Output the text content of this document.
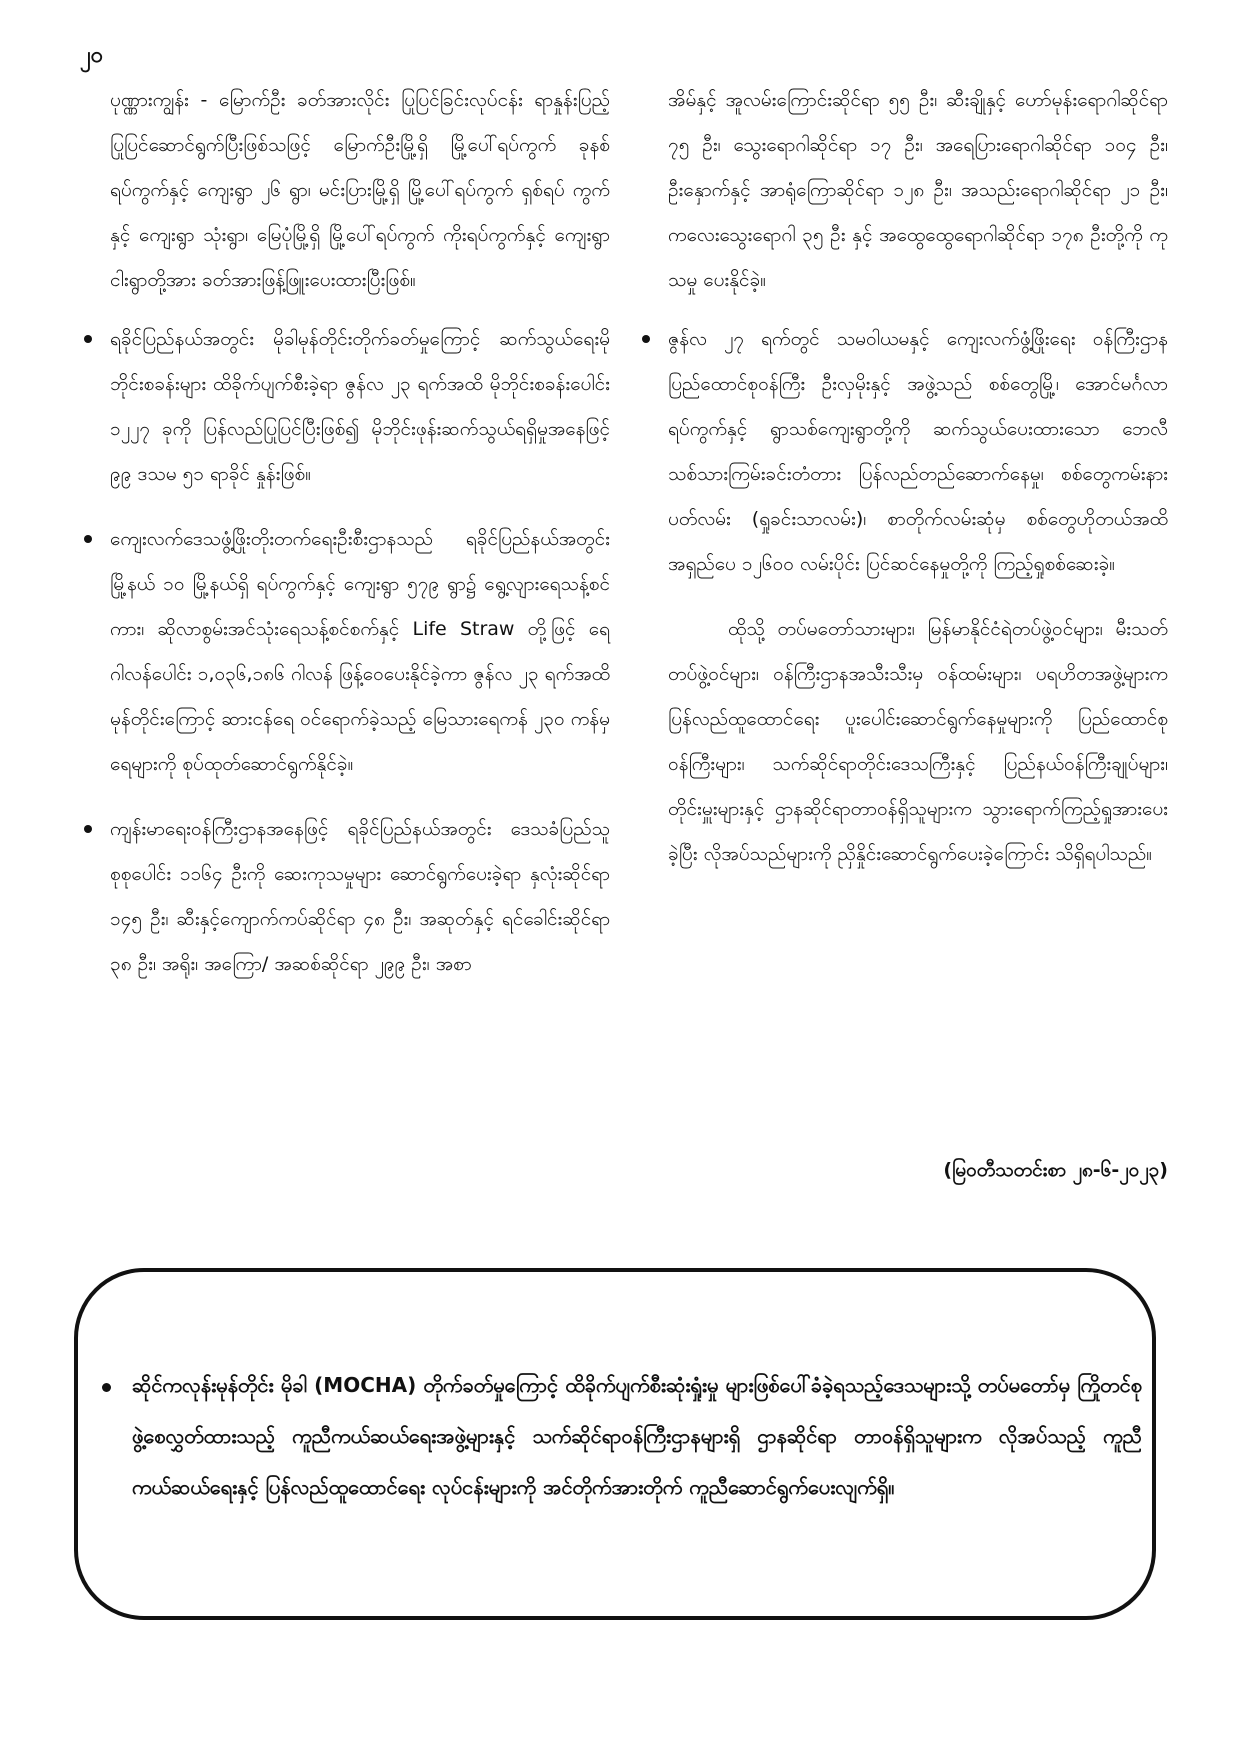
၂၀

ပုဏ္ဏားကျွန်း - မြောက်ဦး ခတ်အားလိုင်း ပြုပြင်ခြင်းလုပ်ငန်း ရာနှုန်းပြည့်ပြုပြင်ဆောင်ရွက်ပြီးဖြစ်သဖြင့် မြောက်ဦးမြို့ရှိ မြို့ပေါ်ရပ်ကွက် ခုနစ်ရပ်ကွက်နှင့် ကျေးရွာ ၂၆ ရွာ၊ မင်းပြားမြို့ရှိ မြို့ပေါ်ရပ်ကွက် ရှစ်ရပ် ကွက်နှင့် ကျေးရွာ သုံးရွာ၊ မြေပုံမြို့ရှိ မြို့ပေါ်ရပ်ကွက် ကိုးရပ်ကွက်နှင့် ကျေးရွာ ငါးရွာတို့အား ခတ်အားဖြန့်ဖြူးပေးထားပြီးဖြစ်။

ရခိုင်ပြည်နယ်အတွင်း မိုခါမုန်တိုင်းတိုက်ခတ်မှုကြောင့် ဆက်သွယ်ရေးမိုဘိုင်းစခန်းများ ထိခိုက်ပျက်စီးခဲ့ရာ ဇွန်လ ၂၃ ရက်အထိ မိုဘိုင်းစခန်းပေါင်း ၁၂၂၇ ခုကို ပြန်လည်ပြုပြင်ပြီးဖြစ်၍ မိုဘိုင်းဖုန်းဆက်သွယ်ရရှိမှုအနေဖြင့် ၉၉ ဒသမ ၅၁ ရာခိုင် နှုန်းဖြစ်။

ကျေးလက်ဒေသဖွံ့ဖြိုးတိုးတက်ရေးဦးစီးဌာနသည် ရခိုင်ပြည်နယ်အတွင်း မြို့နယ် ၁၀ မြို့နယ်ရှိ ရပ်ကွက်နှင့် ကျေးရွာ ၅၇၉ ရွာ၌ ရွေ့လျားရေသန့်စင်ကား၊ ဆိုလာစွမ်းအင်သုံးရေသန့်စင်စက်နှင့် Life Straw တို့ဖြင့် ရေဂါလန်ပေါင်း ၁,၀၃၆,၁၈၆ ဂါလန် ဖြန့်ဝေပေးနိုင်ခဲ့ကာ ဇွန်လ ၂၃ ရက်အထိ မုန်တိုင်းကြောင့် ဆားငန်ရေ ဝင်ရောက်ခဲ့သည့် မြေသားရေကန် ၂၃၀ ကန်မှရေများကို စုပ်ထုတ်ဆောင်ရွက်နိုင်ခဲ့။

ကျန်းမာရေးဝန်ကြီးဌာနအနေဖြင့် ရခိုင်ပြည်နယ်အတွင်း ဒေသခံပြည်သူစုစုပေါင်း ၁၁၆၄ ဦးကို ဆေးကုသမှုများ ဆောင်ရွက်ပေးခဲ့ရာ နှလုံးဆိုင်ရာ ၁၄၅ ဦး၊ ဆီးနှင့်ကျောက်ကပ်ဆိုင်ရာ ၄၈ ဦး၊ အဆုတ်နှင့် ရင်ခေါင်းဆိုင်ရာ ၃၈ ဦး၊ အရိုး၊ အကြော/ အဆစ်ဆိုင်ရာ ၂၉၉ ဦး၊ အစာ

အိမ်နှင့် အူလမ်းကြောင်းဆိုင်ရာ ၅၅ ဦး၊ ဆီးချိုနှင့် ဟော်မုန်းရောဂါဆိုင်ရာ ၇၅ ဦး၊ သွေးရောဂါဆိုင်ရာ ၁၇ ဦး၊ အရေပြားရောဂါဆိုင်ရာ ၁၀၄ ဦး၊ ဦးနှောက်နှင့် အာရုံကြောဆိုင်ရာ ၁၂၈ ဦး၊ အသည်းရောဂါဆိုင်ရာ ၂၁ ဦး၊ ကလေးသွေးရောဂါ ၃၅ ဦး နှင့် အထွေထွေရောဂါဆိုင်ရာ ၁၇၈ ဦးတို့ကို ကုသမှု ပေးနိုင်ခဲ့။

ဇွန်လ ၂၇ ရက်တွင် သမဝါယမနှင့် ကျေးလက်ဖွံ့ဖြိုးရေး ဝန်ကြီးဌာန ပြည်ထောင်စုဝန်ကြီး ဦးလှမိုးနှင့် အဖွဲ့သည် စစ်တွေမြို့၊ အောင်မင်္ဂလာရပ်ကွက်နှင့် ရွာသစ်ကျေးရွာတို့ကို ဆက်သွယ်ပေးထားသော ဘေလီသစ်သားကြမ်းခင်းတံတား ပြန်လည်တည်ဆောက်နေမှု၊ စစ်တွေကမ်းနားပတ်လမ်း (ရှုခင်းသာလမ်း)၊ စာတိုက်လမ်းဆုံမှ စစ်တွေဟိုတယ်အထိ အရှည်ပေ ၁၂၆၀၀ လမ်းပိုင်း ပြင်ဆင်နေမှုတို့ကို ကြည့်ရှုစစ်ဆေးခဲ့။

ထိုသို့ တပ်မတော်သားများ၊ မြန်မာနိုင်ငံရဲတပ်ဖွဲ့ဝင်များ၊ မီးသတ်တပ်ဖွဲ့ဝင်များ၊ ဝန်ကြီးဌာနအသီးသီးမှ ဝန်ထမ်းများ၊ ပရဟိတအဖွဲ့များက ပြန်လည်ထူထောင်ရေး ပူးပေါင်းဆောင်ရွက်နေမှုများကို ပြည်ထောင်စုဝန်ကြီးများ၊ သက်ဆိုင်ရာတိုင်းဒေသကြီးနှင့် ပြည်နယ်ဝန်ကြီးချုပ်များ၊ တိုင်းမှူးများနှင့် ဌာနဆိုင်ရာတာဝန်ရှိသူများက သွားရောက်ကြည့်ရှုအားပေးခဲ့ပြီး လိုအပ်သည်များကို ညှိနှိုင်းဆောင်ရွက်ပေးခဲ့ကြောင်း သိရှိရပါသည်။

(မြဝတီသတင်းစာ ၂၈-၆-၂၀၂၃)
ဆိုင်ကလုန်းမုန်တိုင်း မိုခါ (MOCHA) တိုက်ခတ်မှုကြောင့် ထိခိုက်ပျက်စီးဆုံးရှုံးမှု များဖြစ်ပေါ်ခံခဲ့ရသည့်ဒေသများသို့ တပ်မတော်မှ ကြိုတင်စုဖွဲ့စေလွှတ်ထားသည့် ကူညီကယ်ဆယ်ရေးအဖွဲ့များနှင့် သက်ဆိုင်ရာဝန်ကြီးဌာနများရှိ ဌာနဆိုင်ရာ တာဝန်ရှိသူများက လိုအပ်သည့် ကူညီကယ်ဆယ်ရေးနှင့် ပြန်လည်ထူထောင်ရေး လုပ်ငန်းများကို အင်တိုက်အားတိုက် ကူညီဆောင်ရွက်ပေးလျက်ရှိ။
